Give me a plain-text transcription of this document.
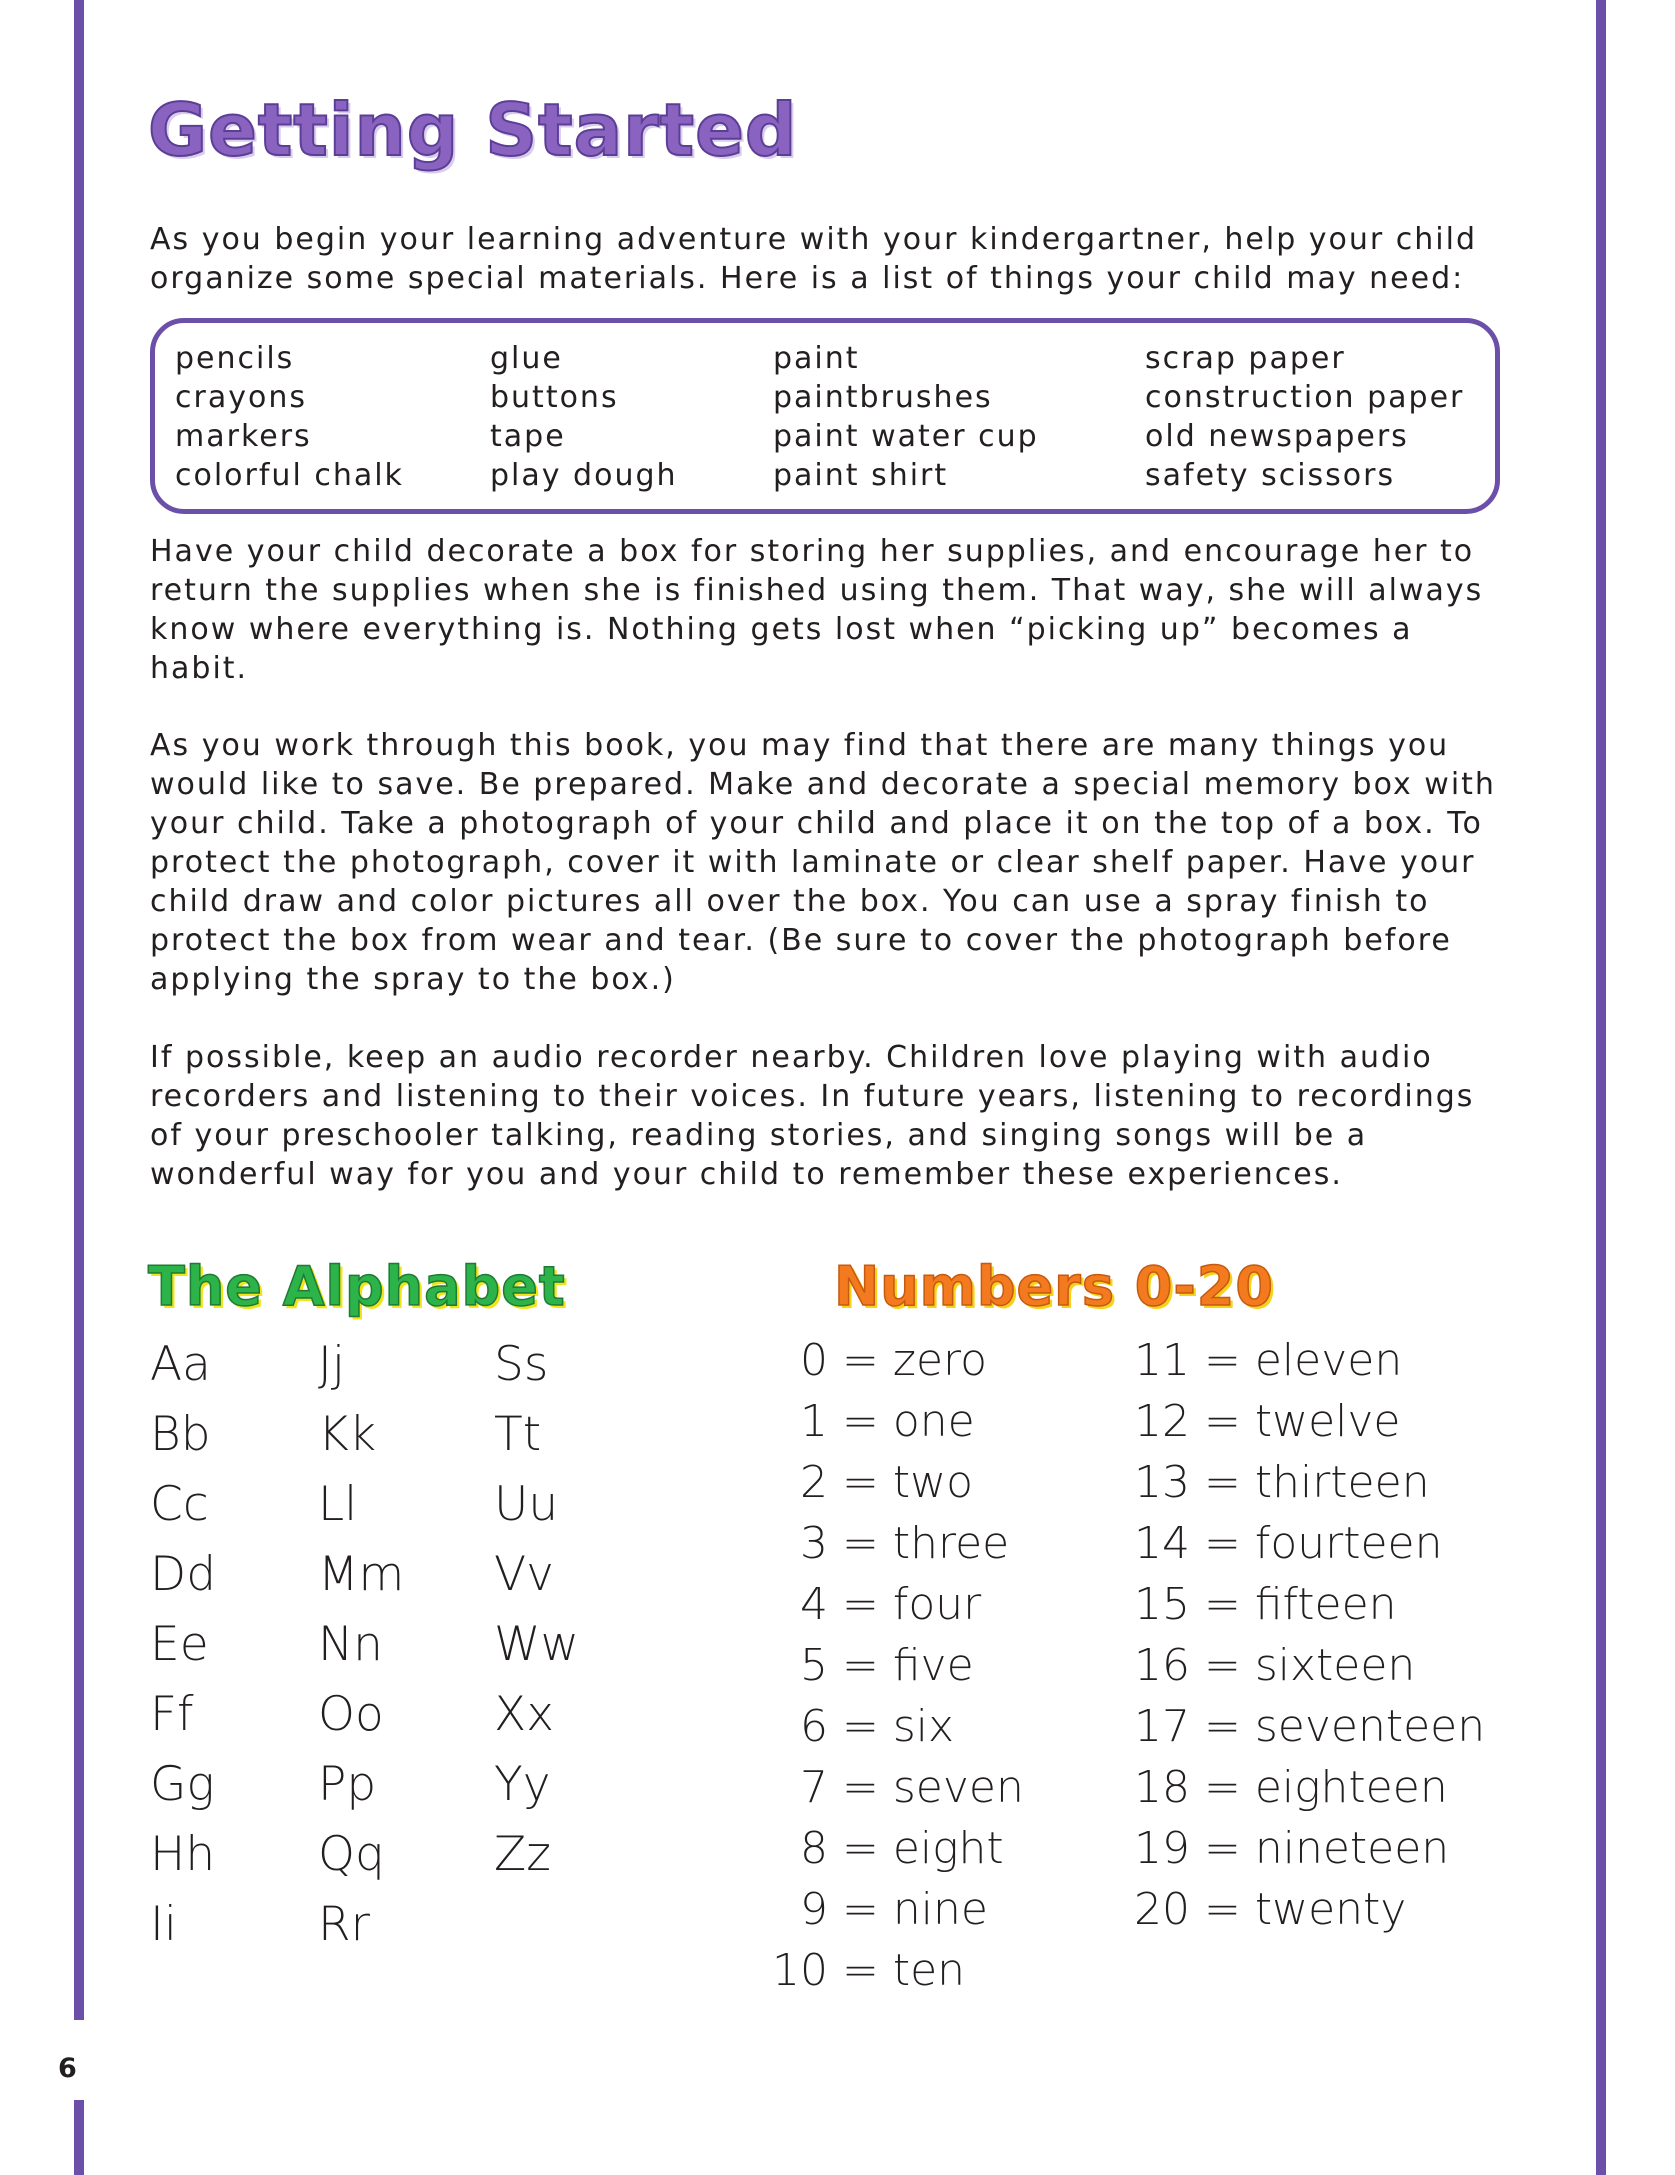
Getting Started

As you begin your learning adventure with your kindergartner, help your child organize some special materials. Here is a list of things your child may need:

pencils
crayons
markers
colorful chalk
glue
buttons
tape
play dough
paint
paintbrushes
paint water cup
paint shirt
scrap paper
construction paper
old newspapers
safety scissors

Have your child decorate a box for storing her supplies, and encourage her to return the supplies when she is finished using them. That way, she will always know where everything is. Nothing gets lost when “picking up” becomes a habit.

As you work through this book, you may find that there are many things you would like to save. Be prepared. Make and decorate a special memory box with your child. Take a photograph of your child and place it on the top of a box. To protect the photograph, cover it with laminate or clear shelf paper. Have your child draw and color pictures all over the box. You can use a spray finish to protect the box from wear and tear. (Be sure to cover the photograph before applying the spray to the box.)

If possible, keep an audio recorder nearby. Children love playing with audio recorders and listening to their voices. In future years, listening to recordings of your preschooler talking, reading stories, and singing songs will be a wonderful way for you and your child to remember these experiences.

The Alphabet	Numbers 0-20
Aa
Bb
Cc
Dd
Ee
Ff
Gg
Hh
Ii
Jj
Kk
Ll
Mm
Nn
Oo
Pp
Qq
Rr
Ss
Tt
Uu
Vv
Ww
Xx
Yy
Zz
0 = zero
1 = one
2 = two
3 = three
4 = four
5 = five
6 = six
7 = seven
8 = eight
9 = nine
10 = ten
11 = eleven
12 = twelve
13 = thirteen
14 = fourteen
15 = fifteen
16 = sixteen
17 = seventeen
18 = eighteen
19 = nineteen
20 = twenty
6
